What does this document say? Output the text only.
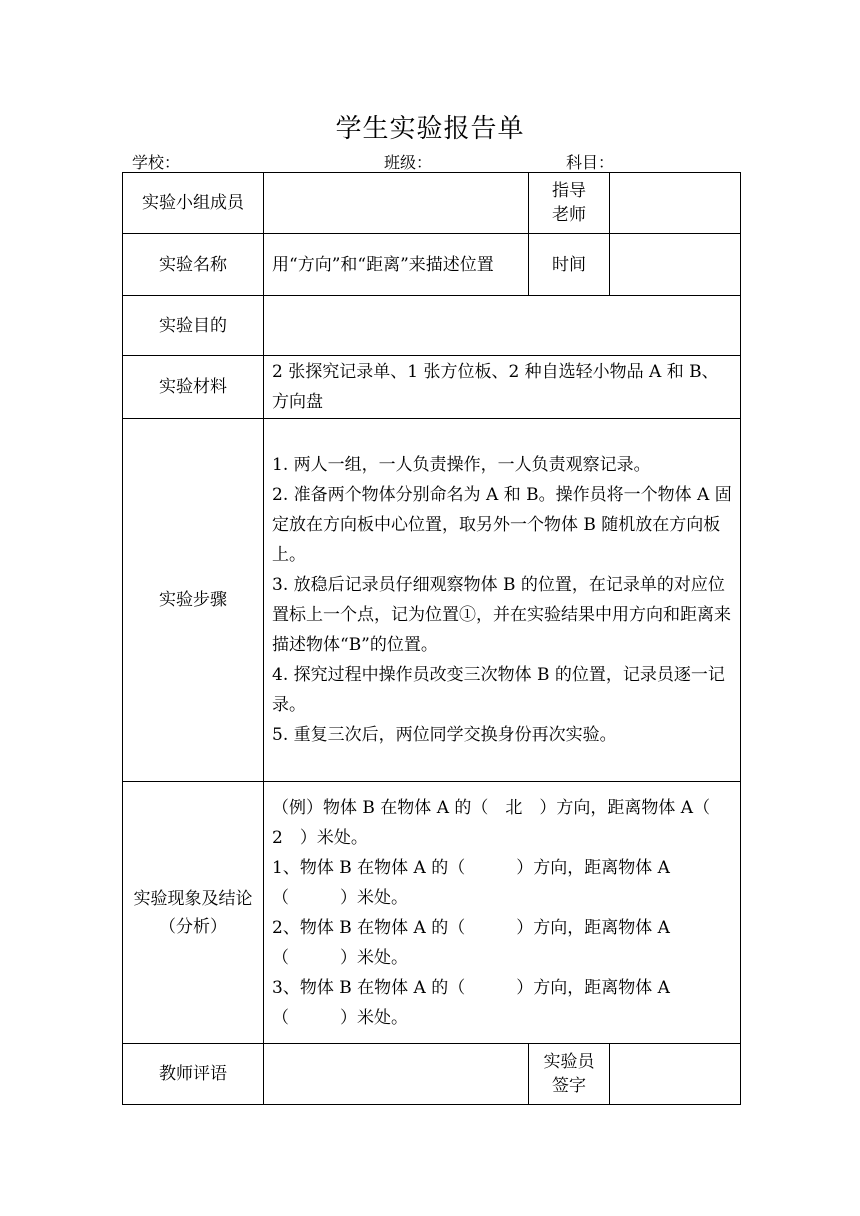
学生实验报告单
学校：	班级：	科目：
实验小组成员		指导
老师	

实验名称	用“方向”和“距离”来描述位置	时间	
实验目的			
实验材料	2 张探究记录单、1 张方位板、2 种自选轻小物品 A 和 B、方向盘		
实验步骤	1. 两人一组，一人负责操作，一人负责观察记录。

2. 准备两个物体分别命名为 A 和 B。操作员将一个物体 A 固定放在方向板中心位置，取另外一个物体 B 随机放在方向板上。

3. 放稳后记录员仔细观察物体 B 的位置，在记录单的对应位置标上一个点，记为位置①，并在实验结果中用方向和距离来描述物体“B”的位置。

4. 探究过程中操作员改变三次物体 B 的位置，记录员逐一记录。

5. 重复三次后，两位同学交换身份再次实验。		

实验现象及结论（分析）	（例）物体 B 在物体 A 的（　北　）方向，距离物体 A（　2　）米处。

1、物体 B 在物体 A 的（　　　）方向，距离物体 A（　　　）米处。

2、物体 B 在物体 A 的（　　　）方向，距离物体 A（　　　）米处。

3、物体 B 在物体 A 的（　　　）方向，距离物体 A（　　　）米处。		

教师评语		实验员
签字	
